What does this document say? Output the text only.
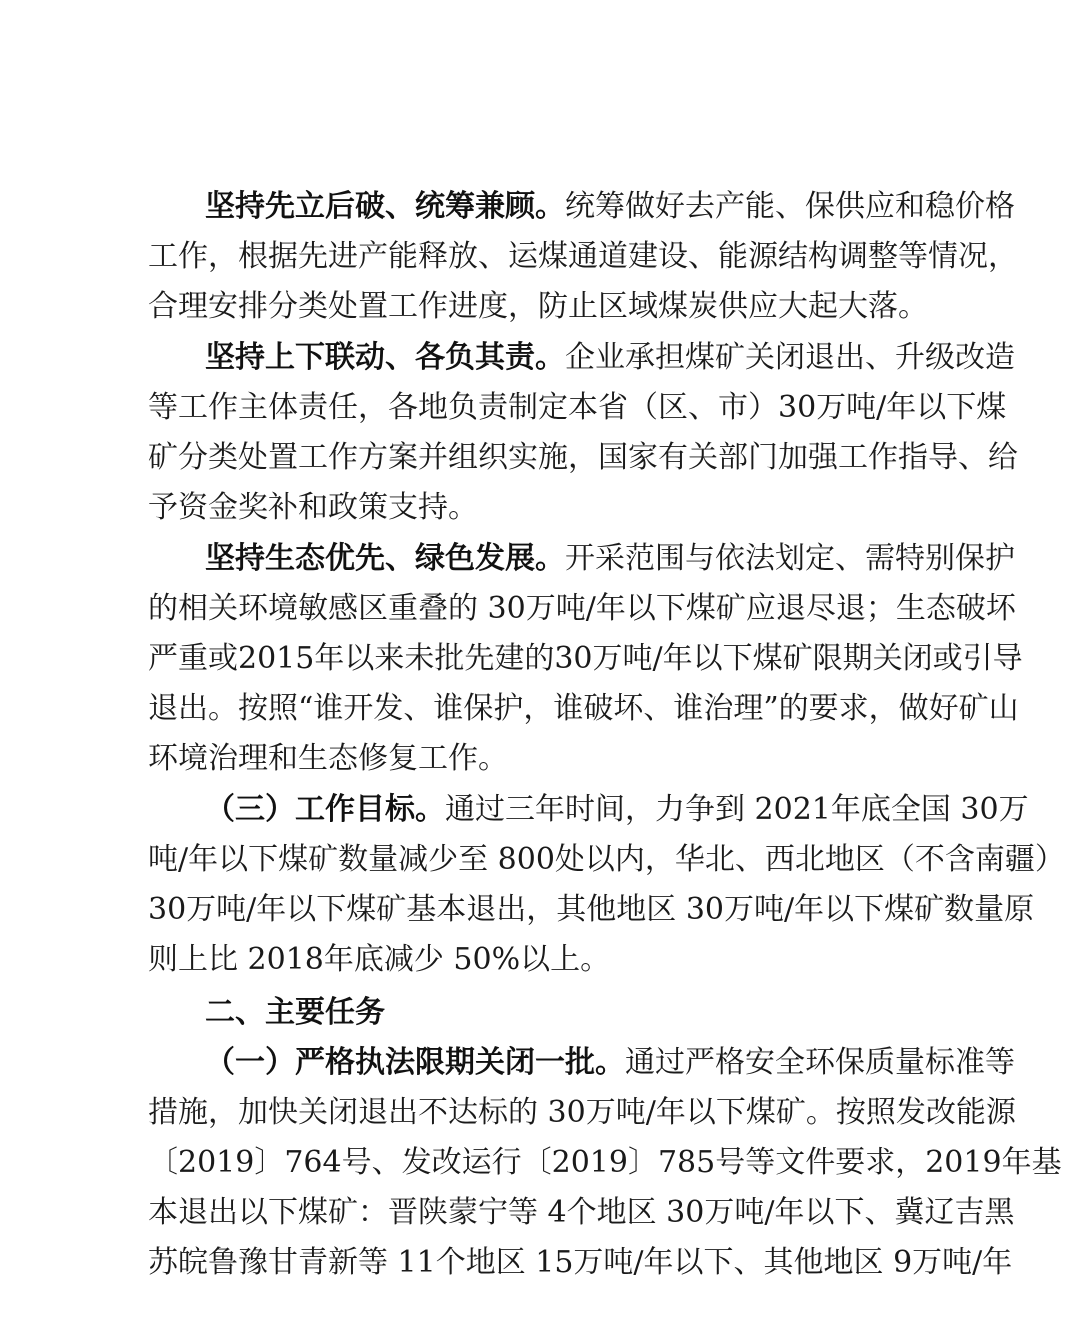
坚持先立后破、统筹兼顾。统筹做好去产能、保供应和稳价格
工作，根据先进产能释放、运煤通道建设、能源结构调整等情况，
合理安排分类处置工作进度，防止区域煤炭供应大起大落。
坚持上下联动、各负其责。企业承担煤矿关闭退出、升级改造
等工作主体责任，各地负责制定本省（区、市）30万吨/年以下煤
矿分类处置工作方案并组织实施，国家有关部门加强工作指导、给
予资金奖补和政策支持。
坚持生态优先、绿色发展。开采范围与依法划定、需特别保护
的相关环境敏感区重叠的 30万吨/年以下煤矿应退尽退；生态破坏
严重或2015年以来未批先建的30万吨/年以下煤矿限期关闭或引导
退出。按照“谁开发、谁保护，谁破坏、谁治理”的要求，做好矿山
环境治理和生态修复工作。
（三）工作目标。通过三年时间，力争到 2021年底全国 30万
吨/年以下煤矿数量减少至 800处以内，华北、西北地区（不含南疆）
30万吨/年以下煤矿基本退出，其他地区 30万吨/年以下煤矿数量原
则上比 2018年底减少 50%以上。
二、主要任务
（一）严格执法限期关闭一批。通过严格安全环保质量标准等
措施，加快关闭退出不达标的 30万吨/年以下煤矿。按照发改能源
〔2019〕764号、发改运行〔2019〕785号等文件要求，2019年基
本退出以下煤矿：晋陕蒙宁等 4个地区 30万吨/年以下、冀辽吉黑
苏皖鲁豫甘青新等 11个地区 15万吨/年以下、其他地区 9万吨/年
